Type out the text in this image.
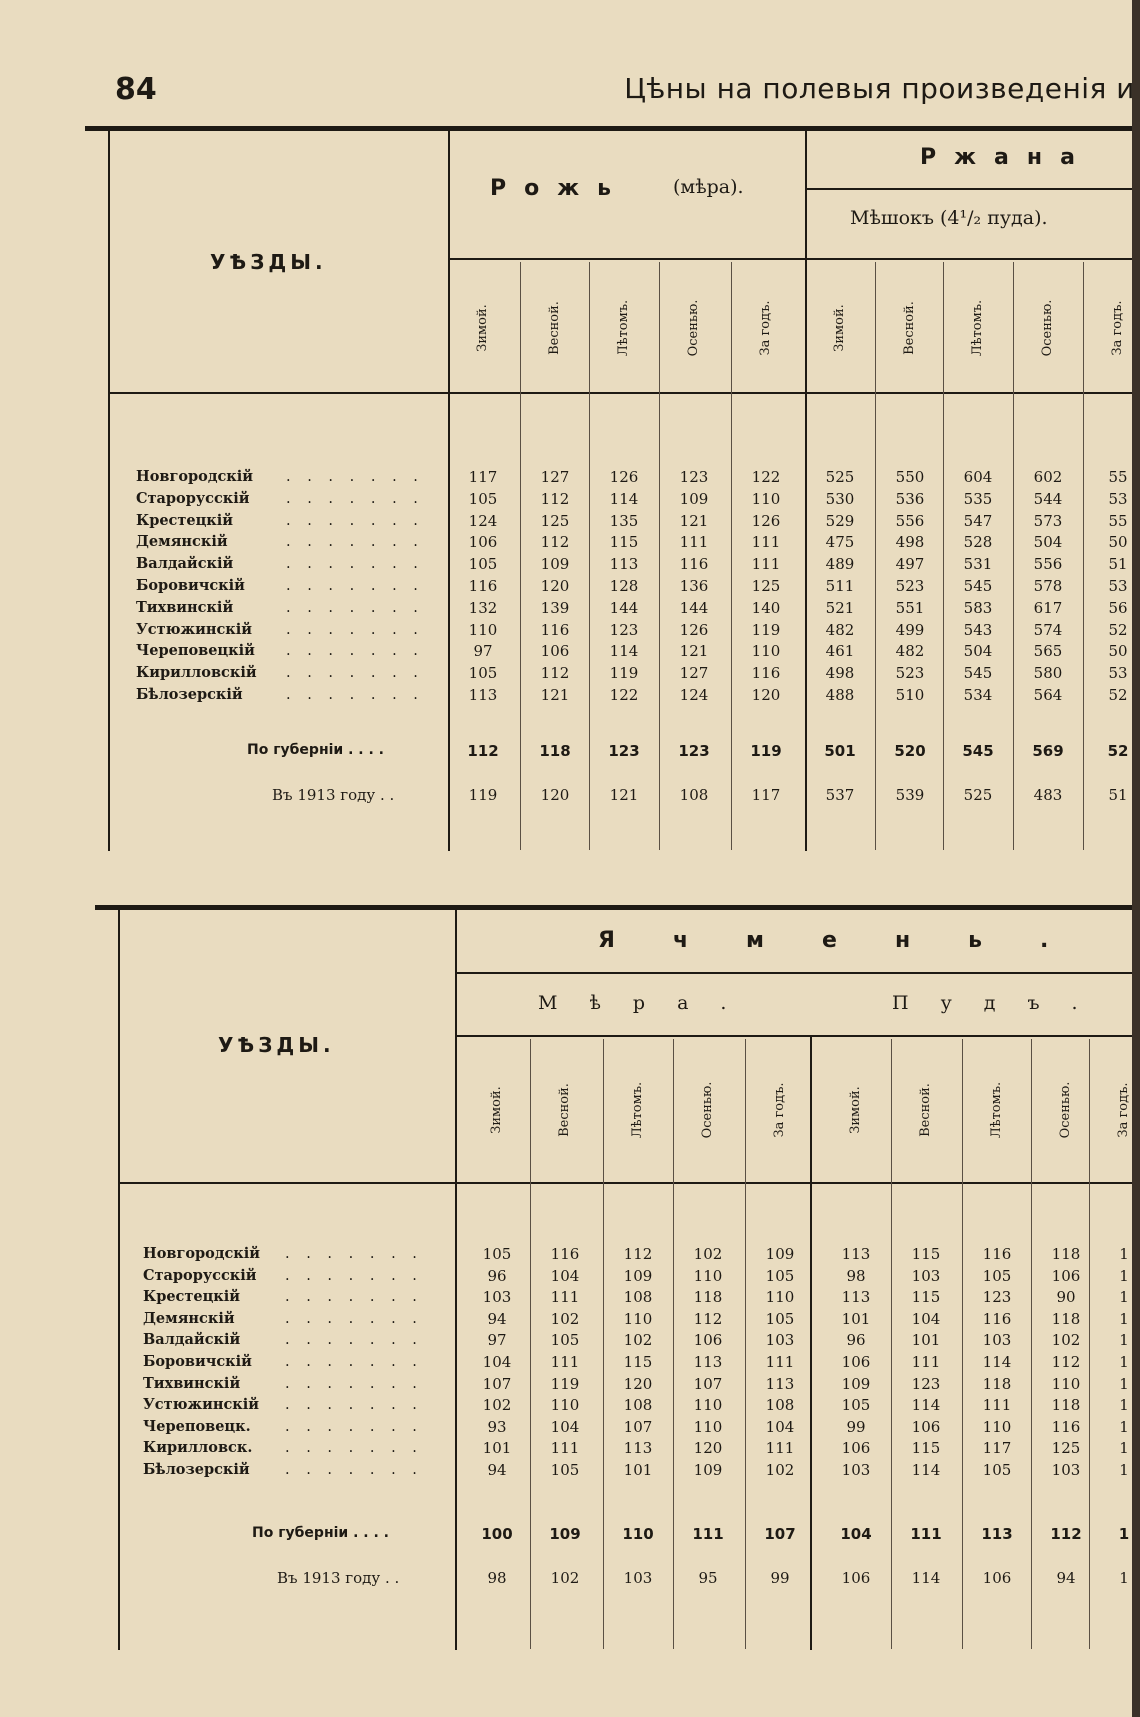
84	Цѣны на полевыя произведенія и
УѢЗДЫ.
Рожь (мѣра).
Ржана
Мѣшокъ (4¹/₂ пуда).
Зимой.	Весной.	Лѣтомъ.	Осенью.	За годъ.	Зимой.	Весной.	Лѣтомъ.	Осенью.	За годъ.
Новгородскій . . . . . . .	117	127	126	123	122	525	550	604	602	55
Старорусскій	. . . . . . .	105	112	114	109	110	530	536	535	544	53
Крестецкій	. . . . . . .	124	125	135	121	126	529	556	547	573	55
Демянскій	. . . . . . .	106	112	115	111	111	475	498	528	504	50
Валдайскій	. . . . . . .	105	109	113	116	111	489	497	531	556	51
Боровичскій	. . . . . . .	116	120	128	136	125	511	523	545	578	53
Тихвинскій	. . . . . . .	132	139	144	144	140	521	551	583	617	56
Устюжинскій . . . . . . .	110	116	123	126	119	482	499	543	574	52
Череповецкій . . . . . . .	97	106	114	121	110	461	482	504	565	50
Кирилловскій . . . . . . .	105	112	119	127	116	498	523	545	580	53
Бѣлозерскій	. . . . . . .	113	121	122	124	120	488	510	534	564	52
По губерніи . . . .	112	118	123	123	119	501	520	545	569	52
Въ 1913 году . .	119	120	121	108	117	537	539	525	483	51
УѢЗДЫ.
Ячмень.
Мѣра.	Пудъ.
Зимой.	Весной.	Лѣтомъ.	Осенью.	За годъ.	Зимой.	Весной.	Лѣтомъ.	Осенью.	За годъ.
Новгородскій . . . . . . .	105	116	112	102	109	113	115	116	118	1
Старорусскій . . . . . . .	96	104	109	110	105	98	103	105	106	1
Крестецкій	. . . . . . .	103	111	108	118	110	113	115	123	90	1
Демянскій	. . . . . . .	94	102	110	112	105	101	104	116	118	1
Валдайскій	. . . . . . .	97	105	102	106	103	96	101	103	102	1
Боровичскій . . . . . . .	104	111	115	113	111	106	111	114	112	1
Тихвинскій	. . . . . . .	107	119	120	107	113	109	123	118	110	1
Устюжинскій . . . . . . .	102	110	108	110	108	105	114	111	118	1
Череповецк. . . . . . . .	93	104	107	110	104	99	106	110	116	1
Кирилловск. . . . . . . .	101	111	113	120	111	106	115	117	125	1
Бѣлозерскій . . . . . . .	94	105	101	109	102	103	114	105	103	1
По губерніи . . . .	100	109	110	111	107	104	111	113	112	1
Въ 1913 году . .	98	102	103	95	99	106	114	106	94	1
